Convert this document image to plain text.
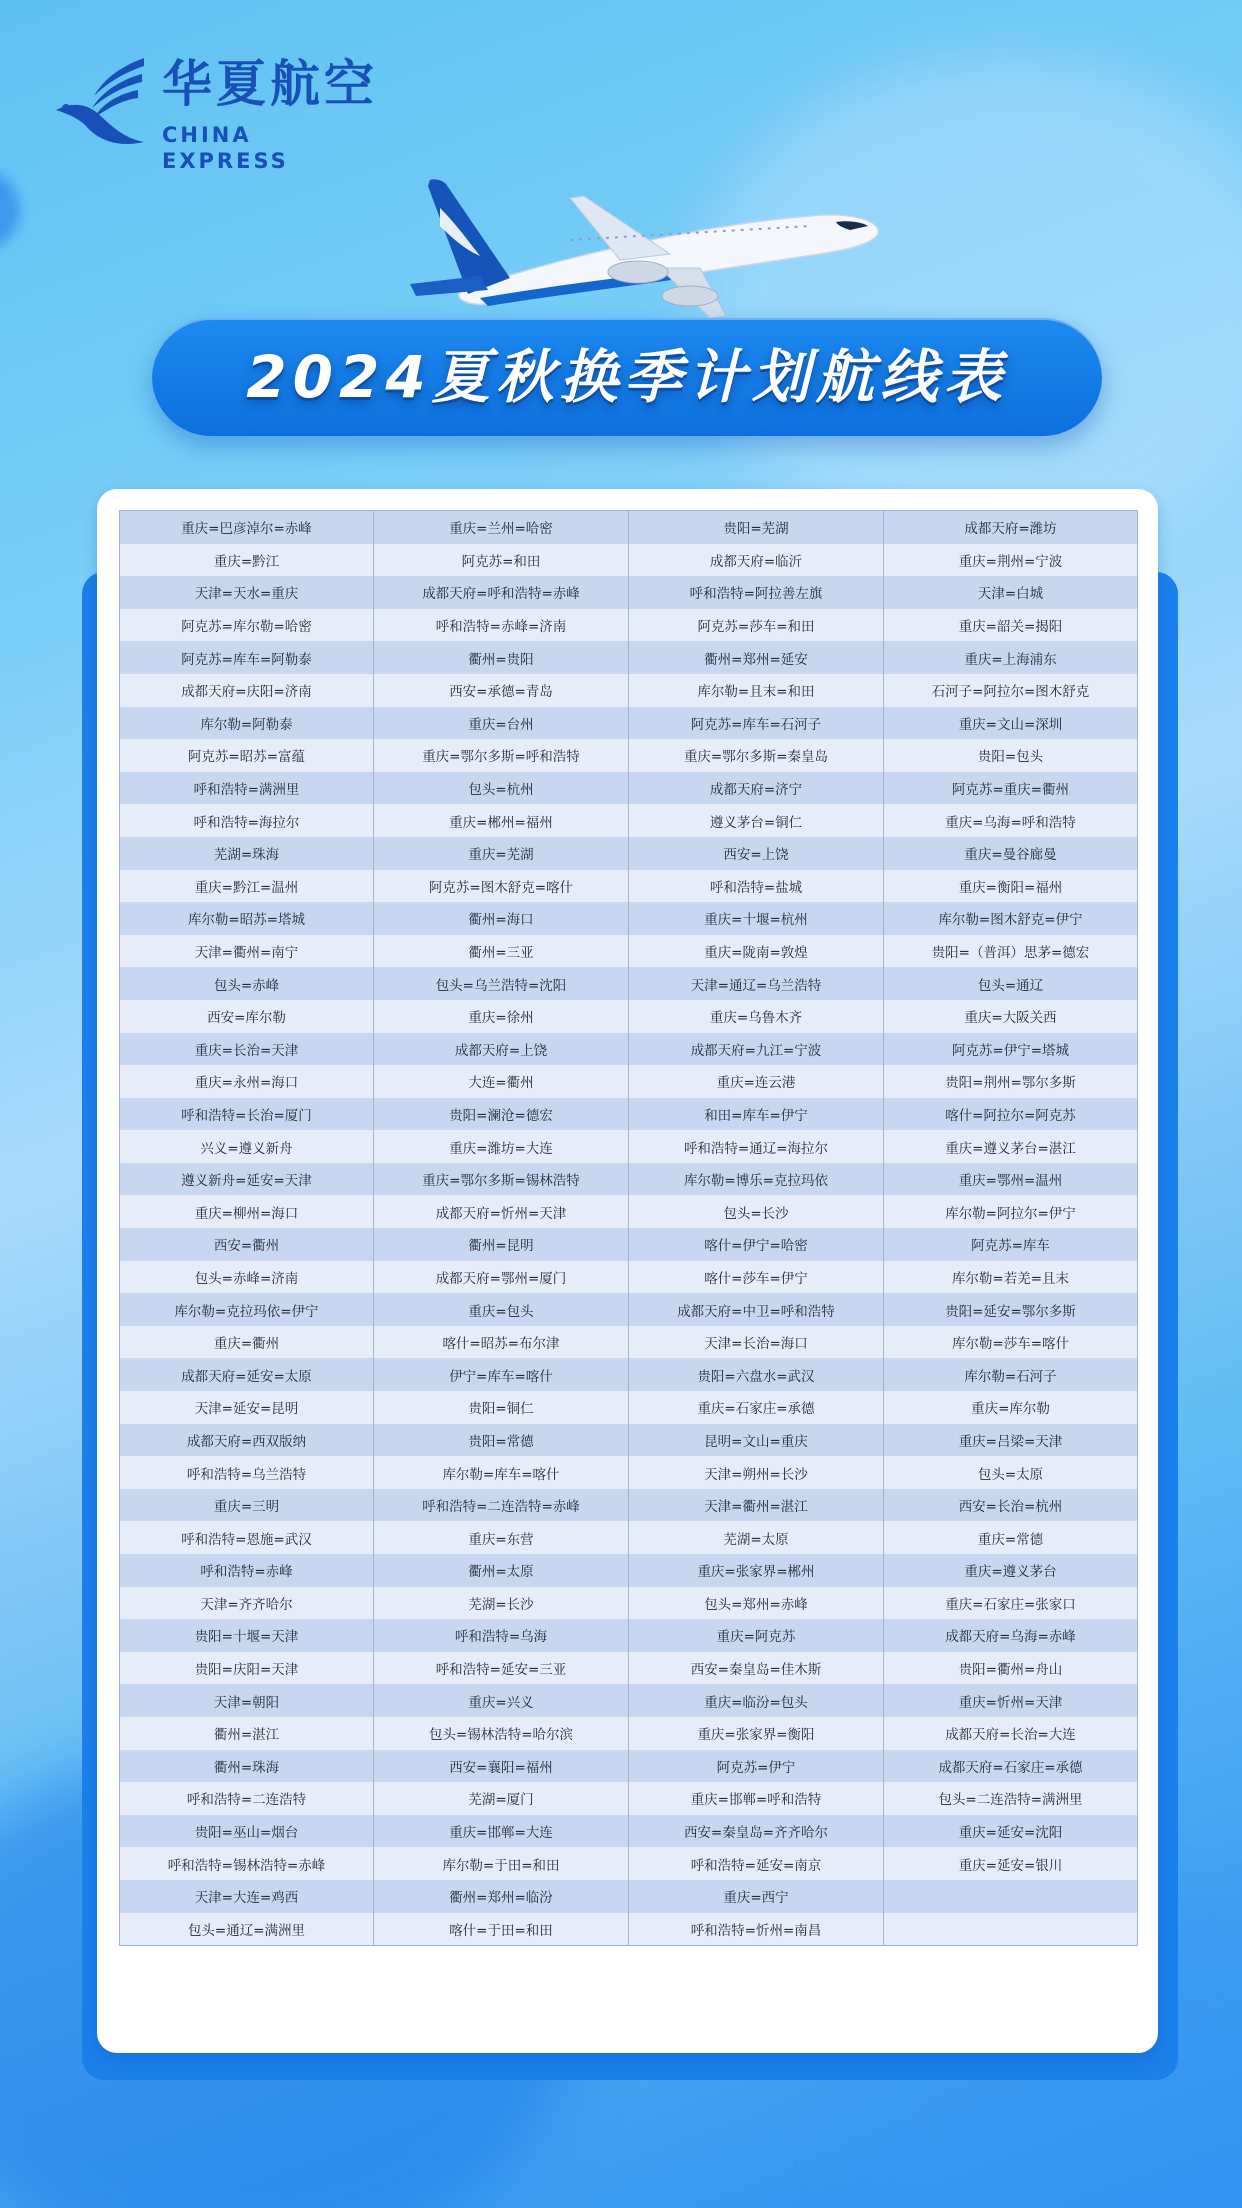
华夏航空
CHINA EXPRESS
2024夏秋换季计划航线表
重庆=巴彦淖尔=赤峰	重庆=兰州=哈密	贵阳=芜湖	成都天府=潍坊
重庆=黔江	阿克苏=和田	成都天府=临沂	重庆=荆州=宁波
天津=天水=重庆	成都天府=呼和浩特=赤峰	呼和浩特=阿拉善左旗	天津=白城
阿克苏=库尔勒=哈密	呼和浩特=赤峰=济南	阿克苏=莎车=和田	重庆=韶关=揭阳
阿克苏=库车=阿勒泰	衢州=贵阳	衢州=郑州=延安	重庆=上海浦东
成都天府=庆阳=济南	西安=承德=青岛	库尔勒=且末=和田	石河子=阿拉尔=图木舒克
库尔勒=阿勒泰	重庆=台州	阿克苏=库车=石河子	重庆=文山=深圳
阿克苏=昭苏=富蕴	重庆=鄂尔多斯=呼和浩特	重庆=鄂尔多斯=秦皇岛	贵阳=包头
呼和浩特=满洲里	包头=杭州	成都天府=济宁	阿克苏=重庆=衢州
呼和浩特=海拉尔	重庆=郴州=福州	遵义茅台=铜仁	重庆=乌海=呼和浩特
芜湖=珠海	重庆=芜湖	西安=上饶	重庆=曼谷廊曼
重庆=黔江=温州	阿克苏=图木舒克=喀什	呼和浩特=盐城	重庆=衡阳=福州
库尔勒=昭苏=塔城	衢州=海口	重庆=十堰=杭州	库尔勒=图木舒克=伊宁
天津=衢州=南宁	衢州=三亚	重庆=陇南=敦煌	贵阳=（普洱）思茅=德宏
包头=赤峰	包头=乌兰浩特=沈阳	天津=通辽=乌兰浩特	包头=通辽
西安=库尔勒	重庆=徐州	重庆=乌鲁木齐	重庆=大阪关西
重庆=长治=天津	成都天府=上饶	成都天府=九江=宁波	阿克苏=伊宁=塔城
重庆=永州=海口	大连=衢州	重庆=连云港	贵阳=荆州=鄂尔多斯
呼和浩特=长治=厦门	贵阳=澜沧=德宏	和田=库车=伊宁	喀什=阿拉尔=阿克苏
兴义=遵义新舟	重庆=潍坊=大连	呼和浩特=通辽=海拉尔	重庆=遵义茅台=湛江
遵义新舟=延安=天津	重庆=鄂尔多斯=锡林浩特	库尔勒=博乐=克拉玛依	重庆=鄂州=温州
重庆=柳州=海口	成都天府=忻州=天津	包头=长沙	库尔勒=阿拉尔=伊宁
西安=衢州	衢州=昆明	喀什=伊宁=哈密	阿克苏=库车
包头=赤峰=济南	成都天府=鄂州=厦门	喀什=莎车=伊宁	库尔勒=若羌=且末
库尔勒=克拉玛依=伊宁	重庆=包头	成都天府=中卫=呼和浩特	贵阳=延安=鄂尔多斯
重庆=衢州	喀什=昭苏=布尔津	天津=长治=海口	库尔勒=莎车=喀什
成都天府=延安=太原	伊宁=库车=喀什	贵阳=六盘水=武汉	库尔勒=石河子
天津=延安=昆明	贵阳=铜仁	重庆=石家庄=承德	重庆=库尔勒
成都天府=西双版纳	贵阳=常德	昆明=文山=重庆	重庆=吕梁=天津
呼和浩特=乌兰浩特	库尔勒=库车=喀什	天津=朔州=长沙	包头=太原
重庆=三明	呼和浩特=二连浩特=赤峰	天津=衢州=湛江	西安=长治=杭州
呼和浩特=恩施=武汉	重庆=东营	芜湖=太原	重庆=常德
呼和浩特=赤峰	衢州=太原	重庆=张家界=郴州	重庆=遵义茅台
天津=齐齐哈尔	芜湖=长沙	包头=郑州=赤峰	重庆=石家庄=张家口
贵阳=十堰=天津	呼和浩特=乌海	重庆=阿克苏	成都天府=乌海=赤峰
贵阳=庆阳=天津	呼和浩特=延安=三亚	西安=秦皇岛=佳木斯	贵阳=衢州=舟山
天津=朝阳	重庆=兴义	重庆=临汾=包头	重庆=忻州=天津
衢州=湛江	包头=锡林浩特=哈尔滨	重庆=张家界=衡阳	成都天府=长治=大连
衢州=珠海	西安=襄阳=福州	阿克苏=伊宁	成都天府=石家庄=承德
呼和浩特=二连浩特	芜湖=厦门	重庆=邯郸=呼和浩特	包头=二连浩特=满洲里
贵阳=巫山=烟台	重庆=邯郸=大连	西安=秦皇岛=齐齐哈尔	重庆=延安=沈阳
呼和浩特=锡林浩特=赤峰	库尔勒=于田=和田	呼和浩特=延安=南京	重庆=延安=银川
天津=大连=鸡西	衢州=郑州=临汾	重庆=西宁	
包头=通辽=满洲里	喀什=于田=和田	呼和浩特=忻州=南昌	
